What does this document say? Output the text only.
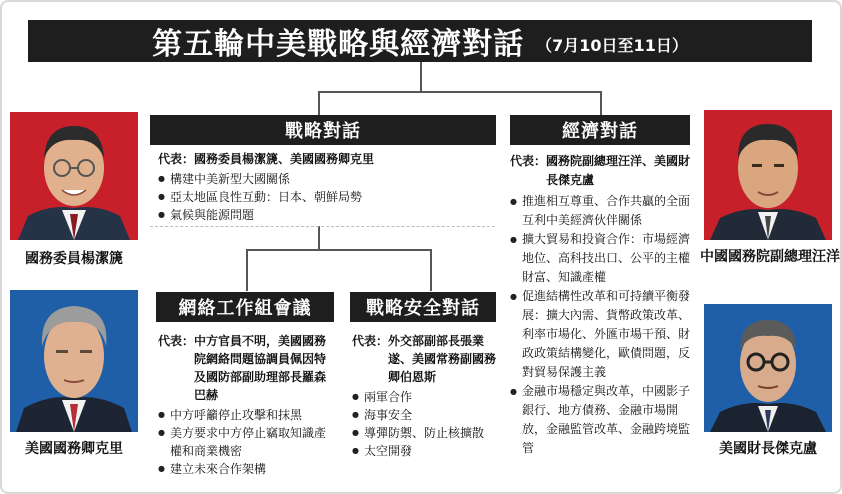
第五輪中美戰略與經濟對話 （7月10日至11日）
戰略對話
代表： 國務委員楊潔篪、美國國務卿克里
● 構建中美新型大國關係
● 亞太地區良性互動：日本、朝鮮局勢
● 氣候與能源問題
經濟對話
代表： 國務院副總理汪洋、美國財長傑克盧
● 推進相互尊重、合作共贏的全面互利中美經濟伙伴關係
● 擴大貿易和投資合作：市場經濟地位、高科技出口、公平的主權財富、知識產權
● 促進結構性改革和可持續平衡發展：擴大內需、貨幣政策改革、利率市場化、外匯市場干預、財政政策結構變化，歐債問題，反對貿易保護主義
● 金融市場穩定與改革，中國影子銀行、地方債務、金融市場開放，金融監管改革、金融跨境監管
網絡工作組會議
代表： 中方官員不明，美國國務院網絡問題協調員佩因特及國防部副助理部長羅森巴赫
● 中方呼籲停止攻擊和抹黑
● 美方要求中方停止竊取知識產權和商業機密
● 建立未來合作架構
戰略安全對話
代表： 外交部副部長張業遂、美國常務副國務卿伯恩斯
● 兩軍合作
● 海事安全
● 導彈防禦、防止核擴散
● 太空開發
國務委員楊潔篪
美國國務卿克里
中國國務院副總理汪洋
美國財長傑克盧
